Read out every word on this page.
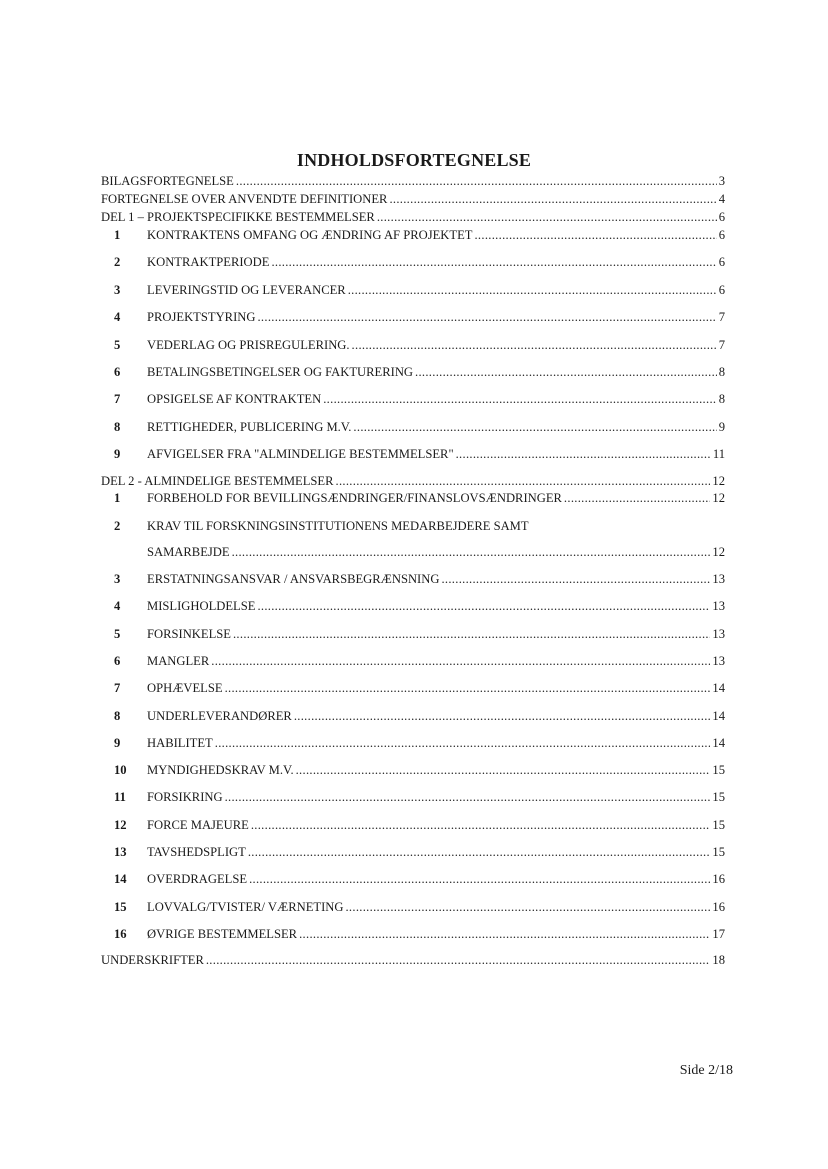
INDHOLDSFORTEGNELSE
BILAGSFORTEGNELSE .....	3
FORTEGNELSE OVER ANVENDTE DEFINITIONER .....	4
DEL 1 – PROJEKTSPECIFIKKE BESTEMMELSER .....	6
1	KONTRAKTENS OMFANG OG ÆNDRING AF PROJEKTET .....	6
2	KONTRAKTPERIODE .....	6
3	LEVERINGSTID OG LEVERANCER .....	6
4	PROJEKTSTYRING .....	7
5	VEDERLAG OG PRISREGULERING. .....	7
6	BETALINGSBETINGELSER OG FAKTURERING .....	8
7	OPSIGELSE AF KONTRAKTEN .....	8
8	RETTIGHEDER, PUBLICERING M.V. .....	9
9	AFVIGELSER FRA "ALMINDELIGE BESTEMMELSER" .....	11
DEL 2 - ALMINDELIGE BESTEMMELSER .....	12
1	FORBEHOLD FOR BEVILLINGSÆNDRINGER/FINANSLOVSÆNDRINGER .....	12
2	KRAV TIL FORSKNINGSINSTITUTIONENS MEDARBEJDERE SAMT
SAMARBEJDE .....	12
3	ERSTATNINGSANSVAR / ANSVARSBEGRÆNSNING .....	13
4	MISLIGHOLDELSE .....	13
5	FORSINKELSE .....	13
6	MANGLER .....	13
7	OPHÆVELSE .....	14
8	UNDERLEVERANDØRER .....	14
9	HABILITET .....	14
10	MYNDIGHEDSKRAV M.V. .....	15
11	FORSIKRING .....	15
12	FORCE MAJEURE .....	15
13	TAVSHEDSPLIGT .....	15
14	OVERDRAGELSE .....	16
15	LOVVALG/TVISTER/ VÆRNETING .....	16
16	ØVRIGE BESTEMMELSER .....	17
UNDERSKRIFTER .....	18
Side 2/18
